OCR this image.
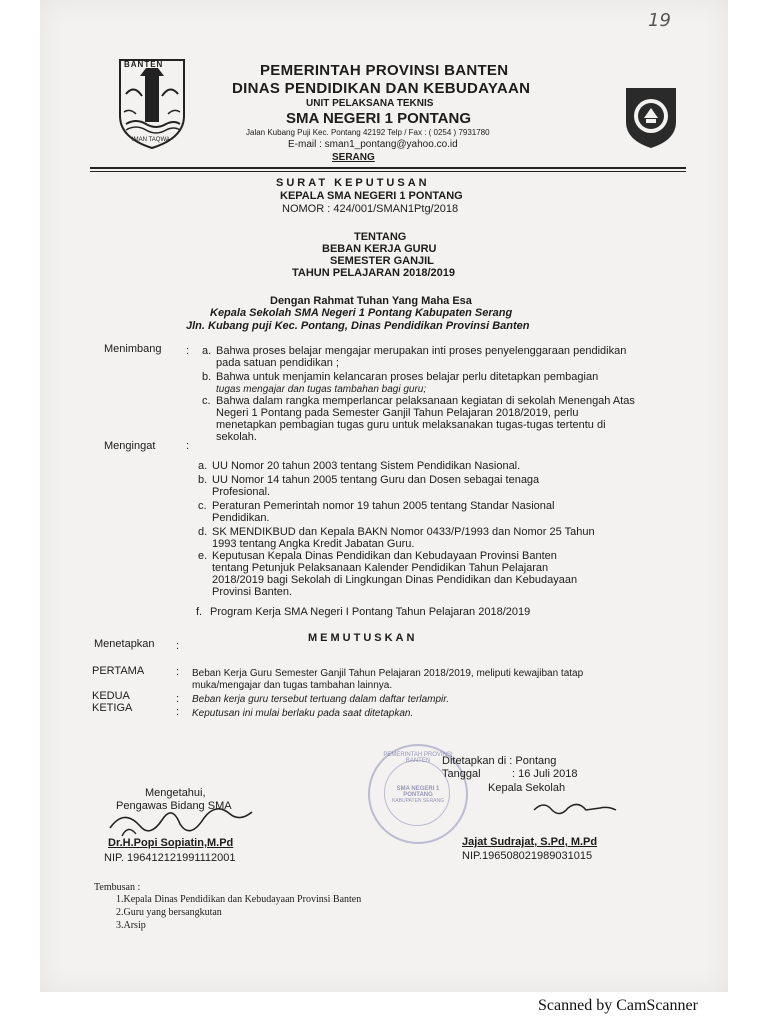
19
BANTEN
IMAN TAQWA
PEMERINTAH PROVINSI BANTEN
DINAS PENDIDIKAN DAN KEBUDAYAAN
UNIT PELAKSANA TEKNIS
SMA NEGERI 1 PONTANG
Jalan Kubang Puji Kec. Pontang 42192 Telp / Fax : ( 0254 ) 7931780
E-mail : sman1_pontang@yahoo.co.id
SERANG
SURAT KEPUTUSAN
KEPALA SMA NEGERI 1 PONTANG
NOMOR : 424/001/SMAN1Ptg/2018
TENTANG
BEBAN KERJA GURU
SEMESTER GANJIL
TAHUN PELAJARAN 2018/2019
Dengan Rahmat Tuhan Yang Maha Esa
Kepala Sekolah SMA Negeri 1 Pontang Kabupaten Serang
Jln. Kubang puji Kec. Pontang, Dinas Pendidikan Provinsi Banten
Menimbang : a. Bahwa proses belajar mengajar merupakan inti proses penyelenggaraan pendidikan
pada satuan pendidikan ;
b. Bahwa untuk menjamin kelancaran proses belajar perlu ditetapkan pembagian
tugas mengajar dan tugas tambahan bagi guru;
c. Bahwa dalam rangka memperlancar pelaksanaan kegiatan di sekolah Menengah Atas
Negeri 1 Pontang pada Semester Ganjil Tahun Pelajaran 2018/2019, perlu
menetapkan pembagian tugas guru untuk melaksanakan tugas-tugas tertentu di
sekolah.
Mengingat	:
a. UU Nomor 20 tahun 2003 tentang Sistem Pendidikan Nasional.
b. UU Nomor 14 tahun 2005 tentang Guru dan Dosen sebagai tenaga
Profesional.
c. Peraturan Pemerintah nomor 19 tahun 2005 tentang Standar Nasional
Pendidikan.
d. SK MENDIKBUD dan Kepala BAKN Nomor 0433/P/1993 dan Nomor 25 Tahun
1993 tentang Angka Kredit Jabatan Guru.
e. Keputusan Kepala Dinas Pendidikan dan Kebudayaan Provinsi Banten
tentang Petunjuk Pelaksanaan Kalender Pendidikan Tahun Pelajaran
2018/2019 bagi Sekolah di Lingkungan Dinas Pendidikan dan Kebudayaan
Provinsi Banten.
f. Program Kerja SMA Negeri I Pontang Tahun Pelajaran 2018/2019
MEMUTUSKAN
Menetapkan :
PERTAMA	: Beban Kerja Guru Semester Ganjil Tahun Pelajaran 2018/2019, meliputi kewajiban tatap
muka/mengajar dan tugas tambahan lainnya.
KEDUA	: Beban kerja guru tersebut tertuang dalam daftar terlampir.
KETIGA	: Keputusan ini mulai berlaku pada saat ditetapkan.
PEMERINTAH PROVINSI BANTEN
SMA NEGERI 1 PONTANG
KABUPATEN SERANG
Ditetapkan di : Pontang
Tanggal	: 16 Juli 2018
Kepala Sekolah
Jajat Sudrajat, S.Pd, M.Pd
NIP.196508021989031015
Mengetahui,
Pengawas Bidang SMA
Dr.H.Popi Sopiatin,M.Pd
NIP. 196412121991112001
Tembusan :
1.Kepala Dinas Pendidikan dan Kebudayaan Provinsi Banten
2.Guru yang bersangkutan
3.Arsip
Scanned by CamScanner
